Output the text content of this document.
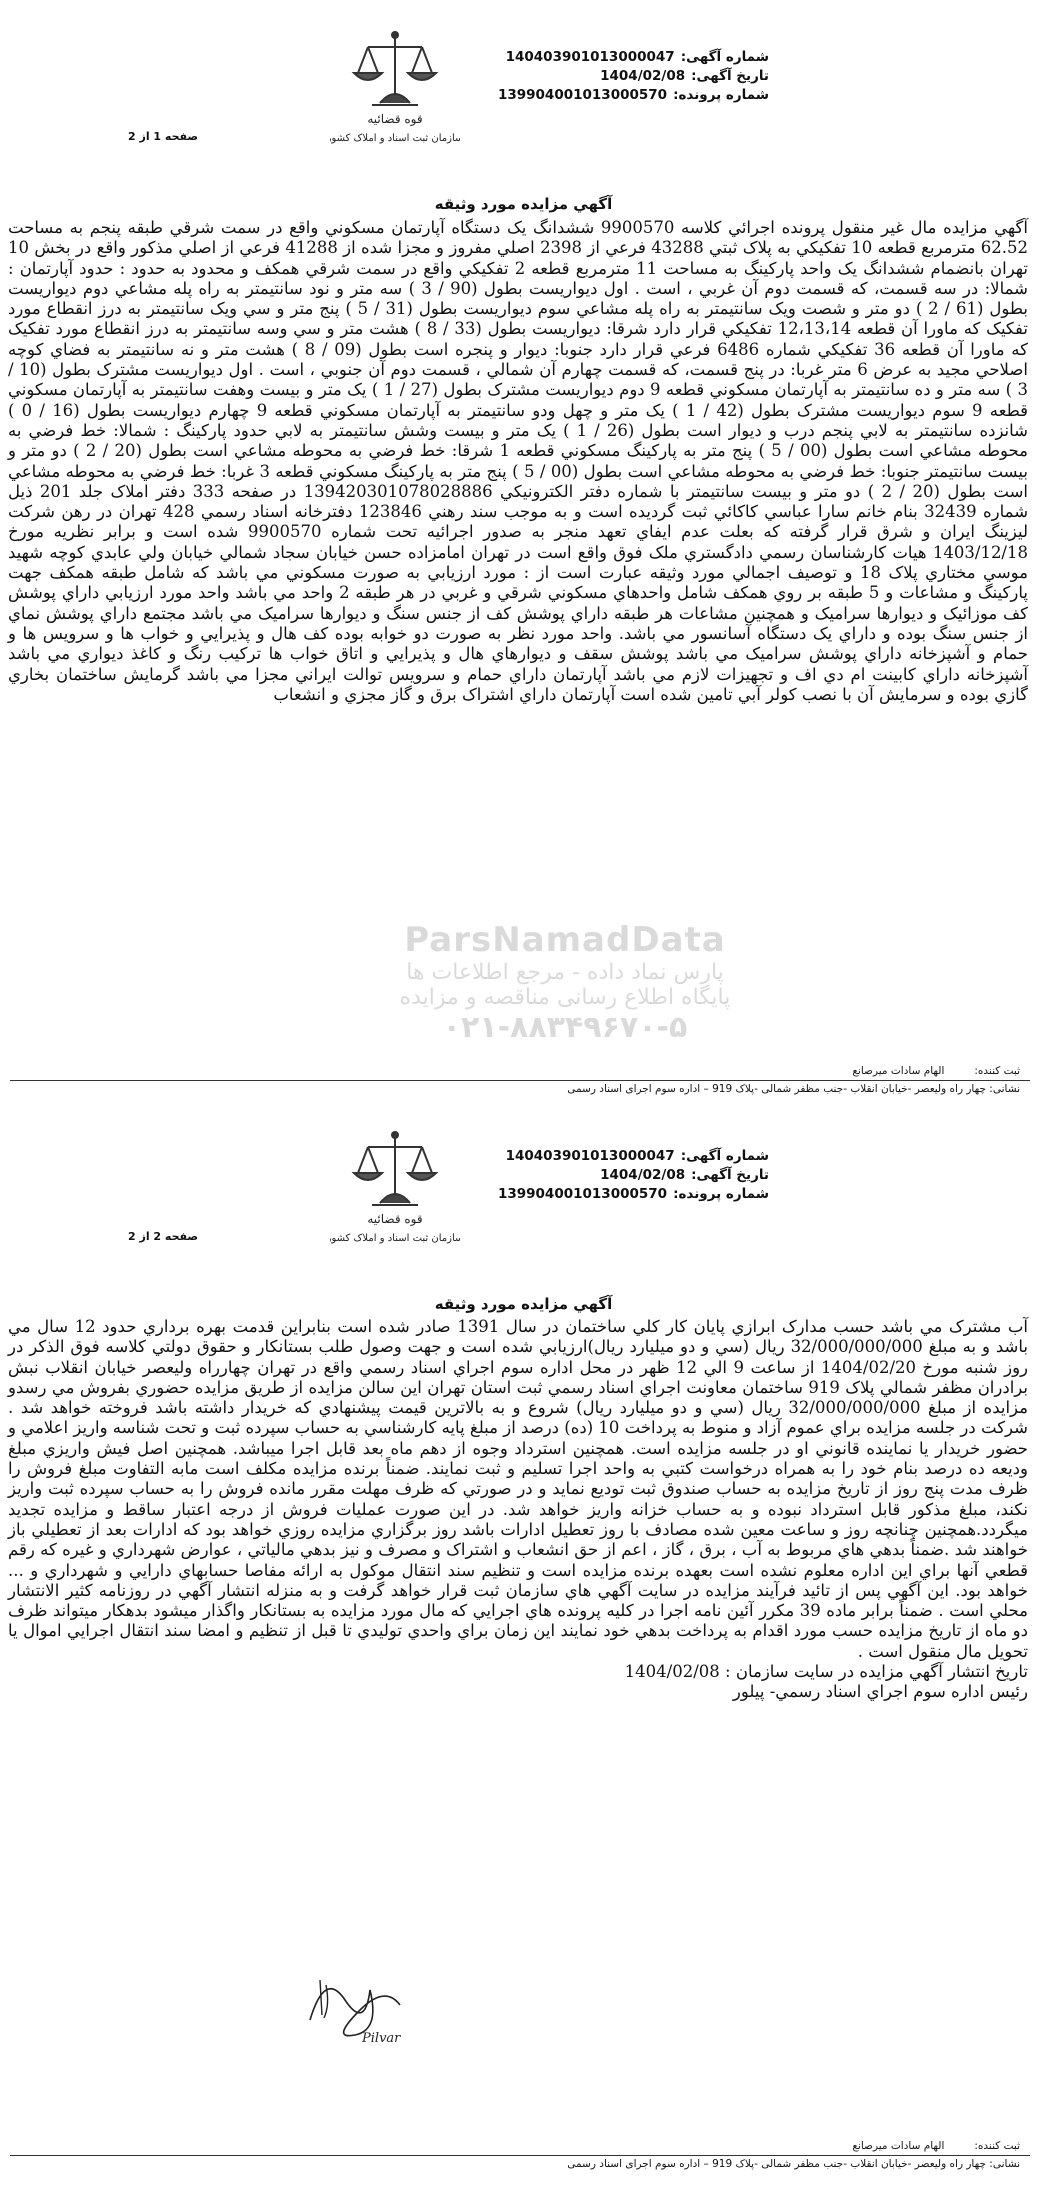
شماره آگهی:
140403901013000047
تاریخ آگهی:
1404/02/08
شماره پرونده:
139904001013000570
قوه قضائیه
سازمان ثبت اسناد و املاک کشور
صفحه 1 از 2
آگهي مزايده مورد وثيقه
آگهي مزايده مال غير منقول پرونده اجرائي كلاسه 9900570 ششدانگ يک دستگاه آپارتمان مسكوني واقع در سمت شرقي طبقه پنجم به مساحت 62.52 مترمربع قطعه 10 تفكيكي به پلاک ثبتي 43288 فرعي از 2398 اصلي مفروز و مجزا شده از 41288 فرعي از اصلي مذكور واقع در بخش 10 تهران بانضمام ششدانگ يک واحد پاركينگ به مساحت 11 مترمربع قطعه 2 تفكيكي واقع در سمت شرقي همكف و محدود به حدود : حدود آپارتمان : شمالا: در سه قسمت، كه قسمت دوم آن غربي ، است . اول ديواريست بطول (90 / 3 ) سه متر و نود سانتيمتر به راه پله مشاعي دوم ديواريست بطول (61 / 2 ) دو متر و شصت ويک سانتيمتر به راه پله مشاعي سوم ديواريست بطول (31 / 5 ) پنج متر و سي ويک سانتيمتر به درز انقطاع مورد تفكيک كه ماورا آن قطعه 12،13،14 تفكيكي قرار دارد شرقا: ديواريست بطول (33 / 8 ) هشت متر و سي وسه سانتيمتر به درز انقطاع مورد تفكيک كه ماورا آن قطعه 36 تفكيكي شماره 6486 فرعي قرار دارد جنوبا: ديوار و پنجره است بطول (09 / 8 ) هشت متر و نه سانتيمتر به فضاي كوچه اصلاحي مجيد به عرض 6 متر غربا: در پنج قسمت، كه قسمت چهارم آن شمالي ، قسمت دوم آن جنوبي ، است . اول ديواريست مشترک بطول (10 / 3 ) سه متر و ده سانتيمتر به آپارتمان مسكوني قطعه 9 دوم ديواريست مشترک بطول (27 / 1 ) يک متر و بيست وهفت سانتيمتر به آپارتمان مسكوني قطعه 9 سوم ديواريست مشترک بطول (42 / 1 ) يک متر و چهل ودو سانتيمتر به آپارتمان مسكوني قطعه 9 چهارم ديواريست بطول (16 / 0 ) شانزده سانتيمتر به لابي پنجم درب و ديوار است بطول (26 / 1 ) يک متر و بيست وشش سانتيمتر به لابي حدود پاركينگ : شمالا: خط فرضي به محوطه مشاعي است بطول (00 / 5 ) پنج متر به پاركينگ مسكوني قطعه 1 شرقا: خط فرضي به محوطه مشاعي است بطول (20 / 2 ) دو متر و بيست سانتيمتر جنوبا: خط فرضي به محوطه مشاعي است بطول (00 / 5 ) پنج متر به پاركينگ مسكوني قطعه 3 غربا: خط فرضي به محوطه مشاعي است بطول (20 / 2 ) دو متر و بيست سانتيمتر با شماره دفتر الكترونيكي 139420301078028886 در صفحه 333 دفتر املاک جلد 201 ذيل شماره 32439 بنام خانم سارا عباسي كاكائي ثبت گرديده است و به موجب سند رهني 123846 دفترخانه اسناد رسمي 428 تهران در رهن شركت ليزينگ ايران و شرق قرار گرفته كه بعلت عدم ايفاي تعهد منجر به صدور اجرائيه تحت شماره 9900570 شده است و برابر نظريه مورخ 1403/12/18 هيات كارشناسان رسمي دادگستري ملک فوق واقع است در تهران امامزاده حسن خيابان سجاد شمالي خيابان ولي عابدي كوچه شهيد موسي مختاري پلاک 18 و توصيف اجمالي مورد وثيقه عبارت است از : مورد ارزيابي به صورت مسكوني مي باشد كه شامل طبقه همكف جهت پاركينگ و مشاعات و 5 طبقه بر روي همكف شامل واحدهاي مسكوني شرقي و غربي در هر طبقه 2 واحد مي باشد واحد مورد ارزيابي داراي پوشش كف موزائيک و ديوارها سراميک و همچنين مشاعات هر طبقه داراي پوشش كف از جنس سنگ و ديوارها سراميک مي باشد مجتمع داراي پوشش نماي از جنس سنگ بوده و داراي يک دستگاه آسانسور مي باشد. واحد مورد نظر به صورت دو خوابه بوده كف هال و پذيرايي و خواب ها و سرويس ها و حمام و آشپزخانه داراي پوشش سراميک مي باشد پوشش سقف و ديوارهاي هال و پذيرايي و اتاق خواب ها تركيب رنگ و كاغذ ديواري مي باشد آشپزخانه داراي كابينت ام دي اف و تجهيزات لازم مي باشد آپارتمان داراي حمام و سرويس توالت ايراني مجزا مي باشد گرمايش ساختمان بخاري گازي بوده و سرمايش آن با نصب كولر آبي تامين شده است آپارتمان داراي اشتراک برق و گاز مجزي و انشعاب
ثبت کننده:
الهام سادات میرصانع
نشانی: چهار راه ولیعصر -خیابان انقلاب -جنب مظفر شمالی -پلاک 919 – اداره سوم اجرای اسناد رسمی
ParsNamadData
پارس نماد داده - مرجع اطلاعات ها
پایگاه اطلاع رسانی مناقصه و مزایده
۰۲۱-۸۸۳۴۹۶۷۰-۵
شماره آگهی:
140403901013000047
تاریخ آگهی:
1404/02/08
شماره پرونده:
139904001013000570
قوه قضائیه
سازمان ثبت اسناد و املاک کشور
صفحه 2 از 2
آگهي مزايده مورد وثيقه
آب مشترک مي باشد حسب مدارک ابرازي پايان كار كلي ساختمان در سال 1391 صادر شده است بنابراين قدمت بهره برداري حدود 12 سال مي باشد و به مبلغ 32/000/000/000 ريال (سي و دو ميليارد ريال)ارزيابي شده است و جهت وصول طلب بستانكار و حقوق دولتي كلاسه فوق الذكر در روز شنبه مورخ 1404/02/20 از ساعت 9 الي 12 ظهر در محل اداره سوم اجراي اسناد رسمي واقع در تهران چهارراه وليعصر خيابان انقلاب نبش برادران مظفر شمالي پلاک 919 ساختمان معاونت اجراي اسناد رسمي ثبت استان تهران اين سالن مزايده از طريق مزايده حضوري بفروش مي رسدو مزايده از مبلغ 32/000/000/000 ريال (سي و دو ميليارد ريال) شروع و به بالاترين قيمت پيشنهادي كه خريدار داشته باشد فروخته خواهد شد . شركت در جلسه مزايده براي عموم آزاد و منوط به پرداخت 10 (ده) درصد از مبلغ پايه كارشناسي به حساب سپرده ثبت و تحت شناسه واريز اعلامي و حضور خريدار يا نماينده قانوني او در جلسه مزايده است. همچنين استرداد وجوه از دهم ماه بعد قابل اجرا ميباشد. همچنين اصل فيش واريزي مبلغ وديعه ده درصد بنام خود را به همراه درخواست كتبي به واحد اجرا تسليم و ثبت نمايند. ضمناً برنده مزايده مكلف است مابه التفاوت مبلغ فروش را ظرف مدت پنج روز از تاريخ مزايده به حساب صندوق ثبت توديع نمايد و در صورتي كه ظرف مهلت مقرر مانده فروش را به حساب سپرده ثبت واريز نكند، مبلغ مذكور قابل استرداد نبوده و به حساب خزانه واريز خواهد شد. در اين صورت عمليات فروش از درجه اعتبار ساقط و مزايده تجديد ميگردد.همچنين چنانچه روز و ساعت معين شده مصادف با روز تعطيل ادارات باشد روز برگزاري مزايده روزي خواهد بود كه ادارات بعد از تعطيلي باز خواهند شد .ضمناً بدهي هاي مربوط به آب ، برق ، گاز ، اعم از حق انشعاب و اشتراک و مصرف و نيز بدهي مالياتي ، عوارض شهرداري و غيره كه رقم قطعي آنها براي اين اداره معلوم نشده است بعهده برنده مزايده است و تنظيم سند انتقال موكول به ارائه مفاصا حسابهاي دارايي و شهرداري و ... خواهد بود. اين آگهي پس از تائيد فرآيند مزايده در سايت آگهي هاي سازمان ثبت قرار خواهد گرفت و به منزله انتشار آگهي در روزنامه كثير الانتشار محلي است . ضمناً برابر ماده 39 مكرر آئين نامه اجرا در كليه پرونده هاي اجرايي كه مال مورد مزايده به بستانكار واگذار ميشود بدهكار ميتواند ظرف دو ماه از تاريخ مزايده حسب مورد اقدام به پرداخت بدهي خود نمايند اين زمان براي واحدي توليدي تا قبل از تنظيم و امضا سند انتقال اجرايي اموال يا تحويل مال منقول است .
تاريخ انتشار آگهي مزايده در سايت سازمان : 1404/02/08
رئيس اداره سوم اجراي اسناد رسمي- پيلور
ثبت کننده:
الهام سادات میرصانع
نشانی: چهار راه ولیعصر -خیابان انقلاب -جنب مظفر شمالی -پلاک 919 – اداره سوم اجرای اسناد رسمی
Pilvar
